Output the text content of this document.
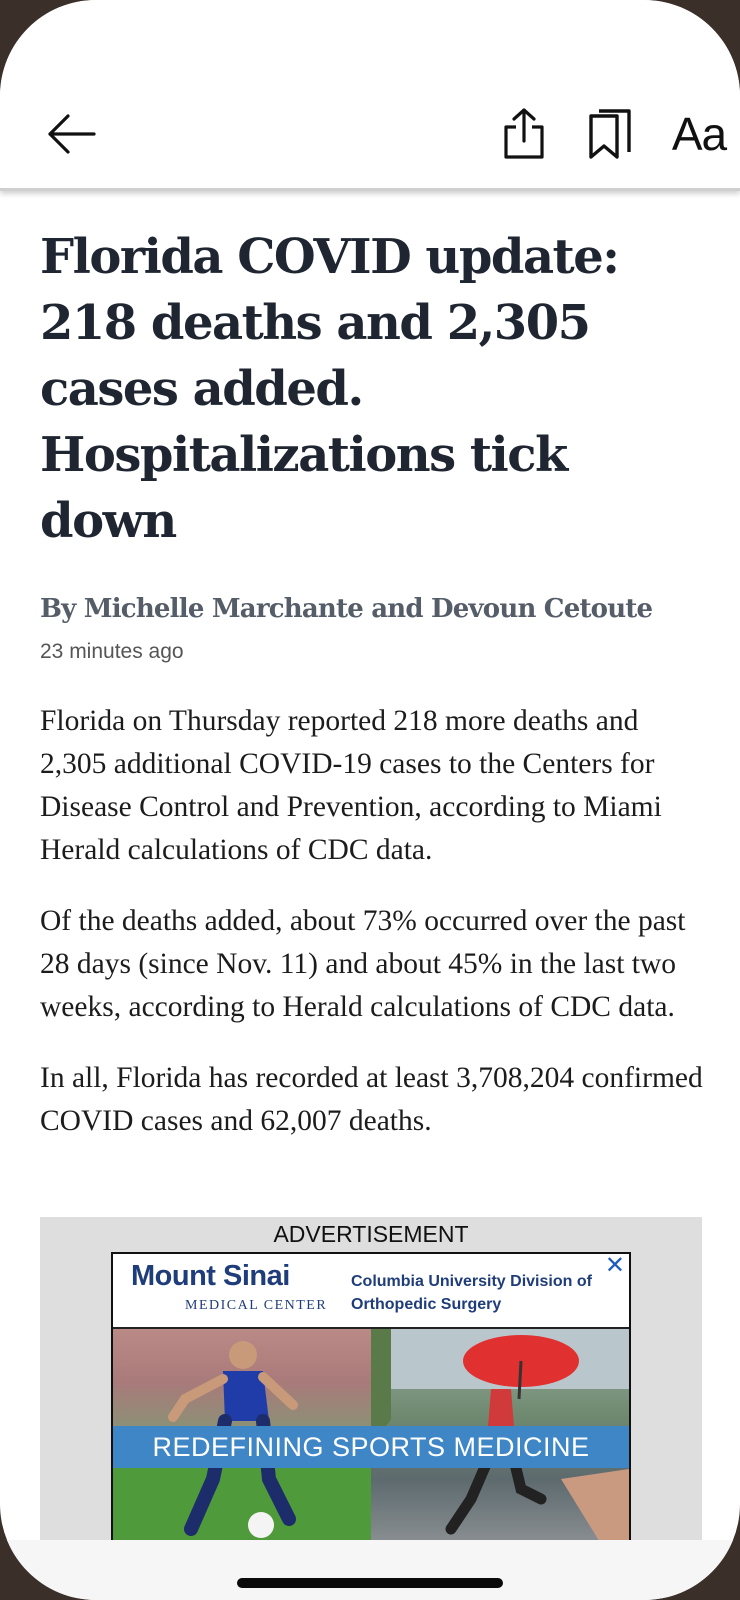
Aa
Florida COVID update: 218 deaths and 2,305 cases added. Hospitalizations tick down
By Michelle Marchante and Devoun Cetoute
23 minutes ago

Florida on Thursday reported 218 more deaths and 2,305 additional COVID-19 cases to the Centers for Disease Control and Prevention, according to Miami Herald calculations of CDC data.

Of the deaths added, about 73% occurred over the past 28 days (since Nov. 11) and about 45% in the last two weeks, according to Herald calculations of CDC data.

In all, Florida has recorded at least 3,708,204 confirmed COVID cases and 62,007 deaths.

ADVERTISEMENT
Mount Sinai
MEDICAL CENTER
Columbia University Division of
Orthopedic Surgery
✕
REDEFINING SPORTS MEDICINE
